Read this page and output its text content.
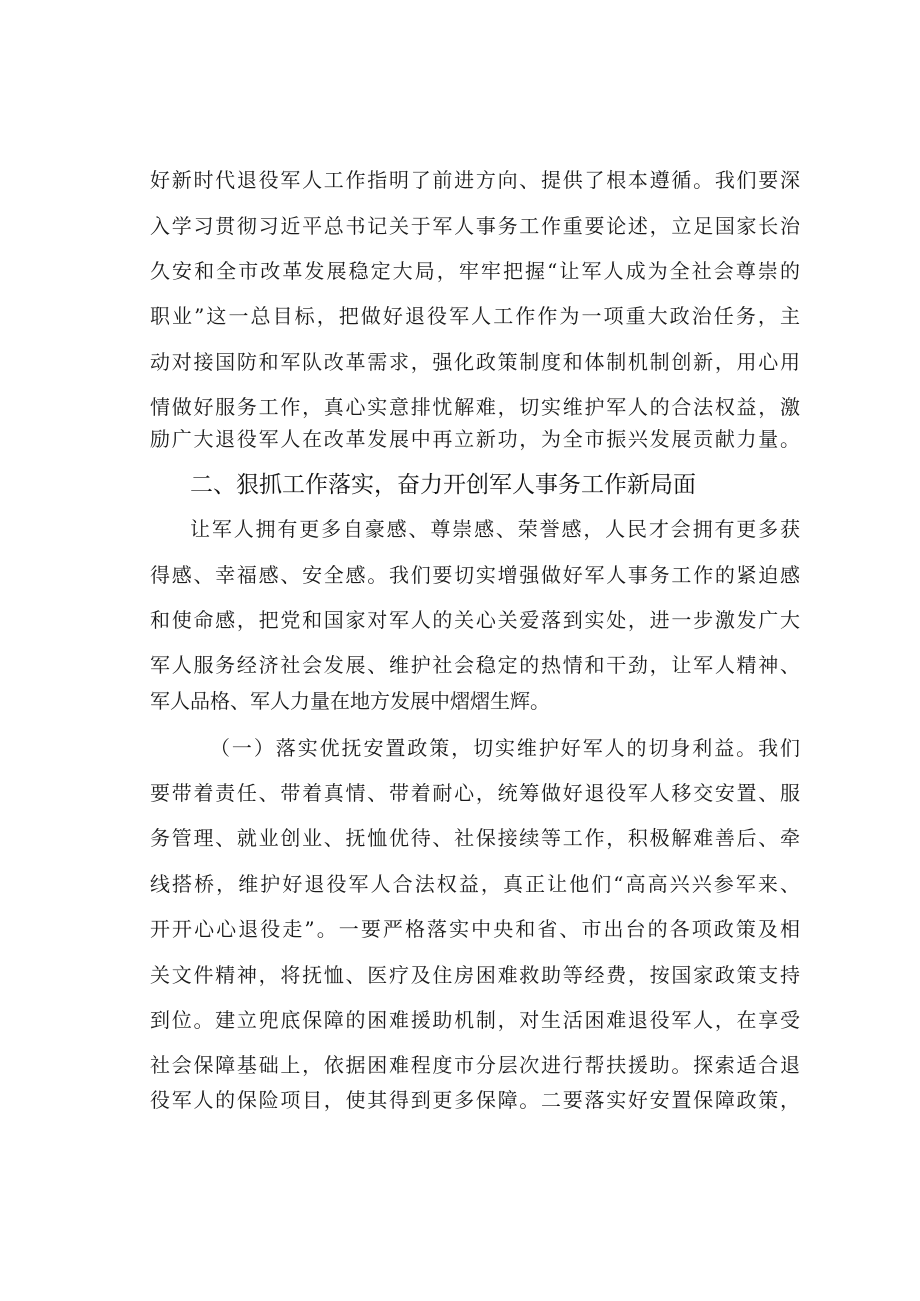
好新时代退役军人工作指明了前进方向、提供了根本遵循。我们要深
入学习贯彻习近平总书记关于军人事务工作重要论述，立足国家长治
久安和全市改革发展稳定大局，牢牢把握“让军人成为全社会尊崇的
职业”这一总目标，把做好退役军人工作作为一项重大政治任务，主
动对接国防和军队改革需求，强化政策制度和体制机制创新，用心用
情做好服务工作，真心实意排忧解难，切实维护军人的合法权益，激
励广大退役军人在改革发展中再立新功，为全市振兴发展贡献力量。
二、狠抓工作落实，奋力开创军人事务工作新局面
让军人拥有更多自豪感、尊崇感、荣誉感，人民才会拥有更多获
得感、幸福感、安全感。我们要切实增强做好军人事务工作的紧迫感
和使命感，把党和国家对军人的关心关爱落到实处，进一步激发广大
军人服务经济社会发展、维护社会稳定的热情和干劲，让军人精神、
军人品格、军人力量在地方发展中熠熠生辉。
（一）落实优抚安置政策，切实维护好军人的切身利益。我们
要带着责任、带着真情、带着耐心，统筹做好退役军人移交安置、服
务管理、就业创业、抚恤优待、社保接续等工作，积极解难善后、牵
线搭桥，维护好退役军人合法权益，真正让他们“高高兴兴参军来、
开开心心退役走”。一要严格落实中央和省、市出台的各项政策及相
关文件精神，将抚恤、医疗及住房困难救助等经费，按国家政策支持
到位。建立兜底保障的困难援助机制，对生活困难退役军人，在享受
社会保障基础上，依据困难程度市分层次进行帮扶援助。探索适合退
役军人的保险项目，使其得到更多保障。二要落实好安置保障政策，
